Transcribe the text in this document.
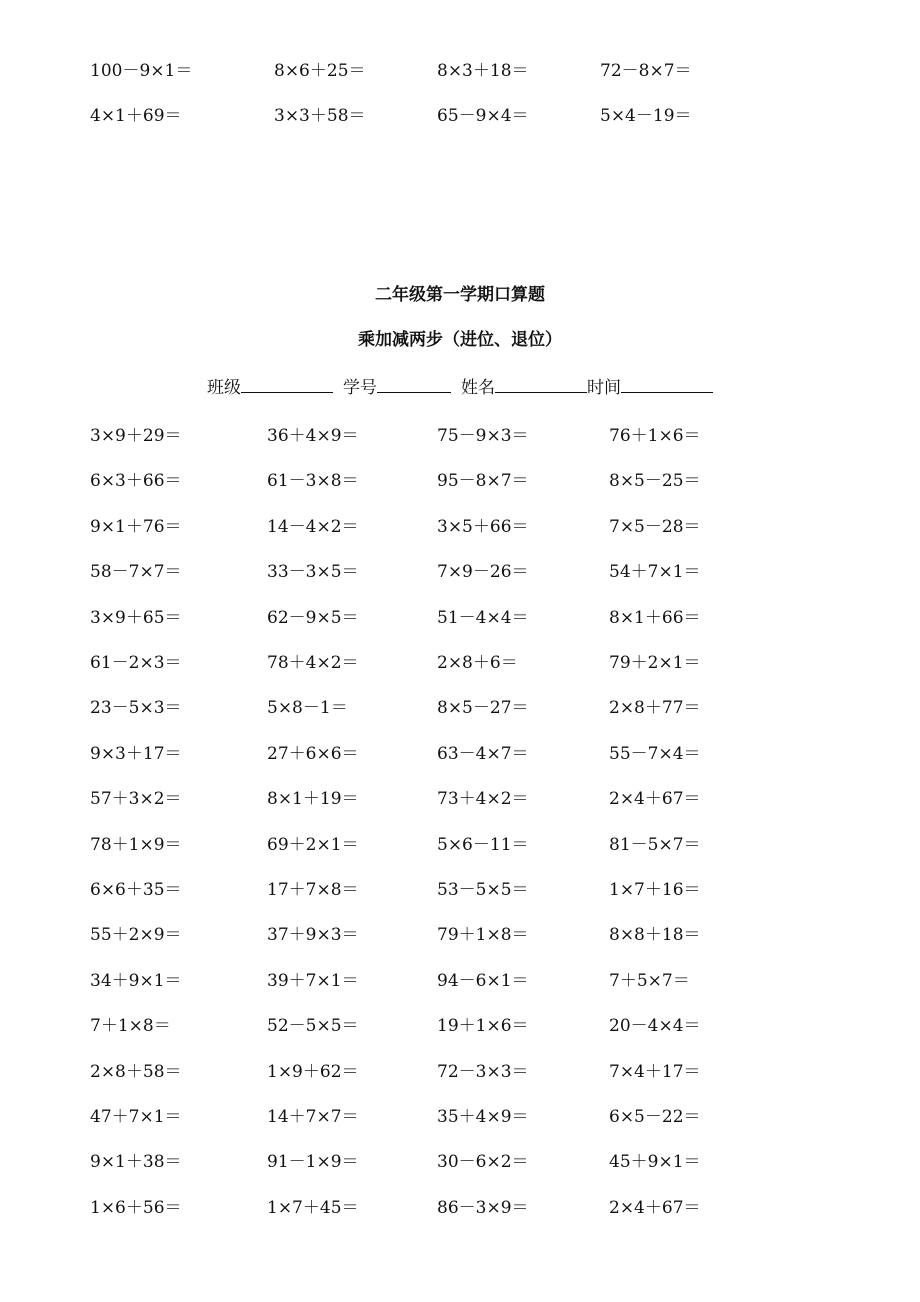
100－9×1＝	8×6＋25＝	8×3＋18＝	72－8×7＝
4×1＋69＝	3×3＋58＝	65－9×4＝	5×4－19＝
二年级第一学期口算题
乘加减两步（进位、退位）
班级	学号	姓名	时间
3×9＋29＝	36＋4×9＝	75－9×3＝	76＋1×6＝
6×3＋66＝	61－3×8＝	95－8×7＝	8×5－25＝
9×1＋76＝	14－4×2＝	3×5＋66＝	7×5－28＝
58－7×7＝	33－3×5＝	7×9－26＝	54＋7×1＝
3×9＋65＝	62－9×5＝	51－4×4＝	8×1＋66＝
61－2×3＝	78＋4×2＝	2×8＋6＝	79＋2×1＝
23－5×3＝	5×8－1＝	8×5－27＝	2×8＋77＝
9×3＋17＝	27＋6×6＝	63－4×7＝	55－7×4＝
57＋3×2＝	8×1＋19＝	73＋4×2＝	2×4＋67＝
78＋1×9＝	69＋2×1＝	5×6－11＝	81－5×7＝
6×6＋35＝	17＋7×8＝	53－5×5＝	1×7＋16＝
55＋2×9＝	37＋9×3＝	79＋1×8＝	8×8＋18＝
34＋9×1＝	39＋7×1＝	94－6×1＝	7＋5×7＝
7＋1×8＝	52－5×5＝	19＋1×6＝	20－4×4＝
2×8＋58＝	1×9＋62＝	72－3×3＝	7×4＋17＝
47＋7×1＝	14＋7×7＝	35＋4×9＝	6×5－22＝
9×1＋38＝	91－1×9＝	30－6×2＝	45＋9×1＝
1×6＋56＝	1×7＋45＝	86－3×9＝	2×4＋67＝
